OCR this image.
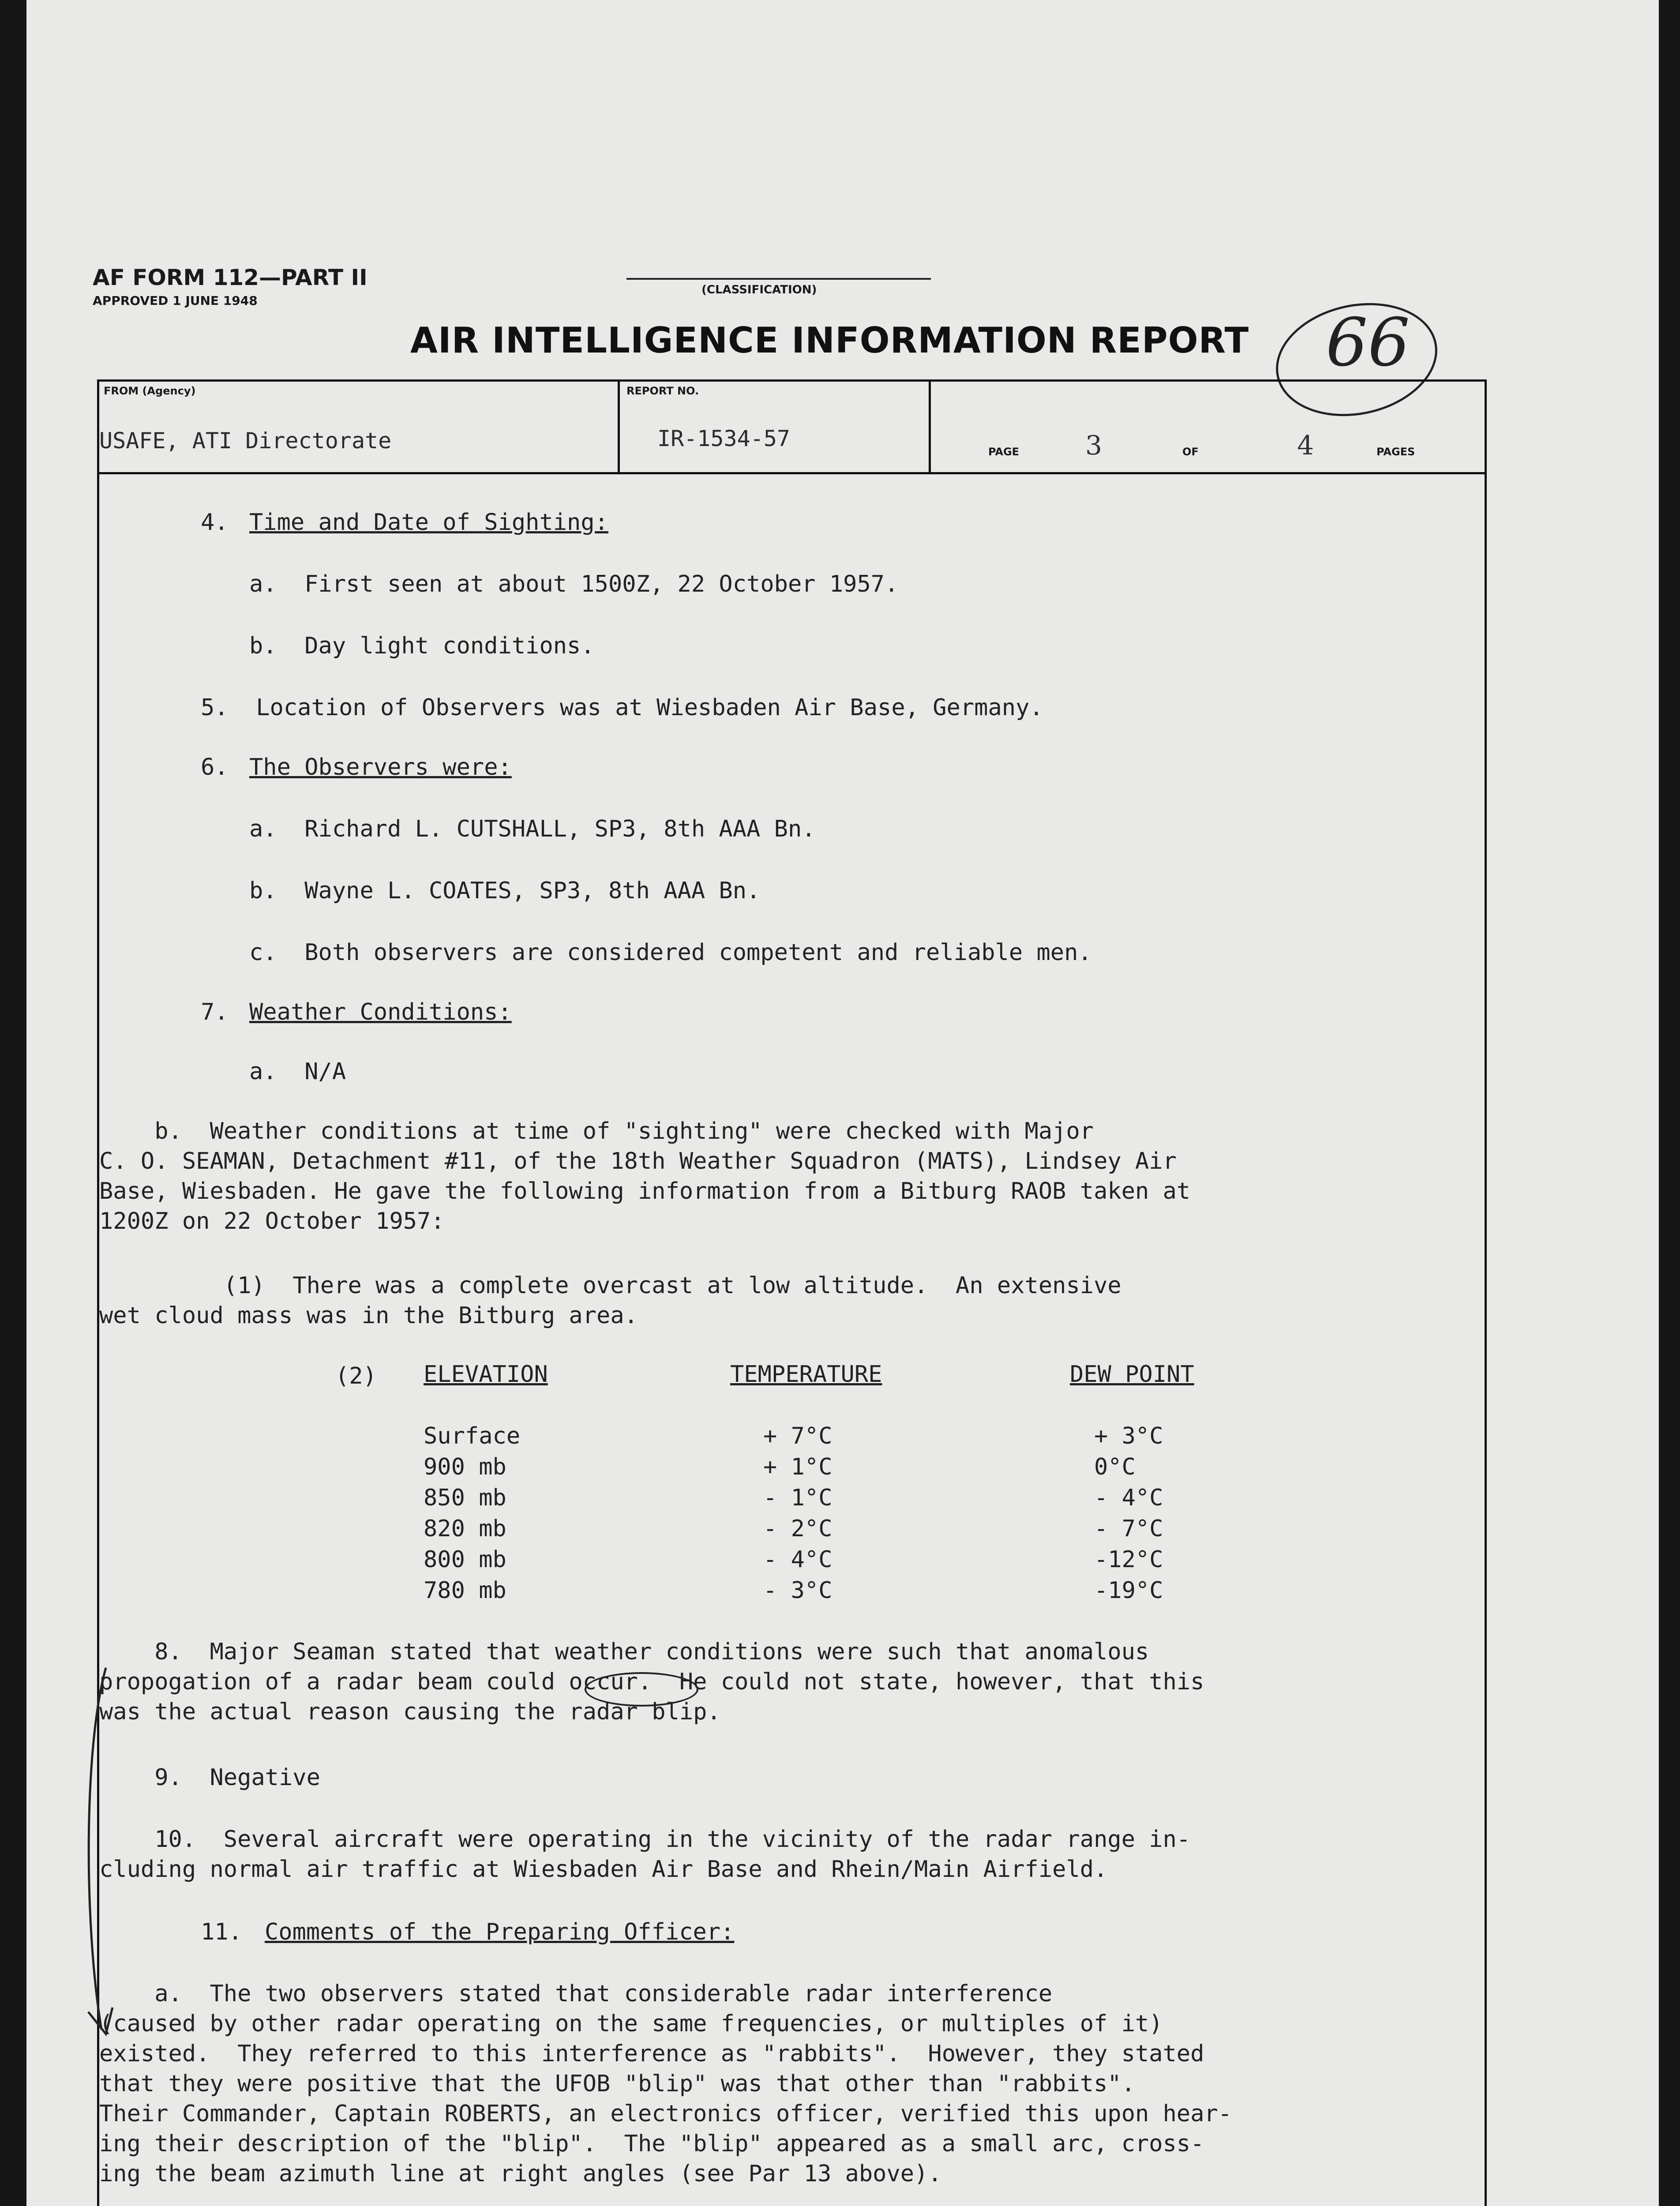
AF FORM 112—PART II
APPROVED 1 JUNE 1948
(CLASSIFICATION)
AIR INTELLIGENCE INFORMATION REPORT 66
FROM (Agency)
USAFE, ATI Directorate
REPORT NO.
IR-1534-57
PAGE 3	OF	4	PAGES
4. Time and Date of Sighting:
a.  First seen at about 1500Z, 22 October 1957.
b.  Day light conditions.
5.  Location of Observers was at Wiesbaden Air Base, Germany.
6. The Observers were:
a.  Richard L. CUTSHALL, SP3, 8th AAA Bn.
b.  Wayne L. COATES, SP3, 8th AAA Bn.
c.  Both observers are considered competent and reliable men.
7. Weather Conditions:
a.  N/A
b.  Weather conditions at time of "sighting" were checked with Major
C. O. SEAMAN, Detachment #11, of the 18th Weather Squadron (MATS), Lindsey Air
Base, Wiesbaden. He gave the following information from a Bitburg RAOB taken at
1200Z on 22 October 1957:
(1)  There was a complete overcast at low altitude.  An extensive
wet cloud mass was in the Bitburg area.
(2) ELEVATION	TEMPERATURE	DEW POINT
Surface	+ 7°C	+ 3°C
900 mb	+ 1°C	0°C
850 mb	- 1°C	- 4°C
820 mb	- 2°C	- 7°C
800 mb	- 4°C	-12°C
780 mb	- 3°C	-19°C
8.  Major Seaman stated that weather conditions were such that anomalous
propogation of a radar beam could occur.  He could not state, however, that this
was the actual reason causing the radar blip.
9.  Negative
10.  Several aircraft were operating in the vicinity of the radar range in-
cluding normal air traffic at Wiesbaden Air Base and Rhein/Main Airfield.
11. Comments of the Preparing Officer:
a.  The two observers stated that considerable radar interference
(caused by other radar operating on the same frequencies, or multiples of it)
existed.  They referred to this interference as "rabbits".  However, they stated
that they were positive that the UFOB "blip" was that other than "rabbits".
Their Commander, Captain ROBERTS, an electronics officer, verified this upon hear-
ing their description of the "blip".  The "blip" appeared as a small arc, cross-
ing the beam azimuth line at right angles (see Par 13 above).
